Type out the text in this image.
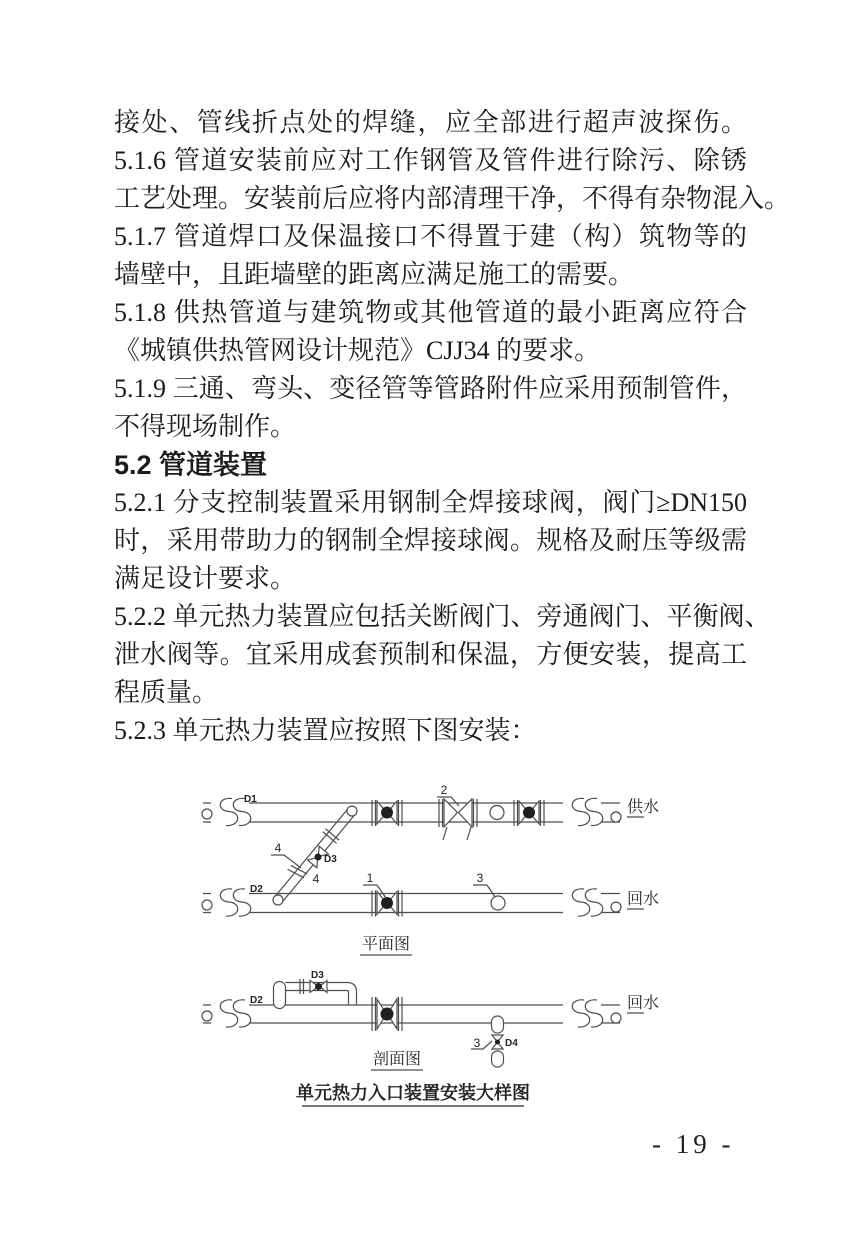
接处、管线折点处的焊缝，应全部进行超声波探伤。
5.1.6 管道安装前应对工作钢管及管件进行除污、除锈
工艺处理。安装前后应将内部清理干净，不得有杂物混入。
5.1.7 管道焊口及保温接口不得置于建（构）筑物等的
墙壁中，且距墙壁的距离应满足施工的需要。
5.1.8 供热管道与建筑物或其他管道的最小距离应符合
《城镇供热管网设计规范》CJJ34 的要求。
5.1.9 三通、弯头、变径管等管路附件应采用预制管件，
不得现场制作。
5.2 管道装置
5.2.1 分支控制装置采用钢制全焊接球阀，阀门≥DN150
时，采用带助力的钢制全焊接球阀。规格及耐压等级需
满足设计要求。
5.2.2 单元热力装置应包括关断阀门、旁通阀门、平衡阀、
泄水阀等。宜采用成套预制和保温，方便安装，提高工
程质量。
5.2.3 单元热力装置应按照下图安装：
D1
D2
D3
2
1	3
4
4
供水
回水
平面图
D2
D3
3 D4
回水
剖面图
单元热力入口装置安装大样图
- 19 -
